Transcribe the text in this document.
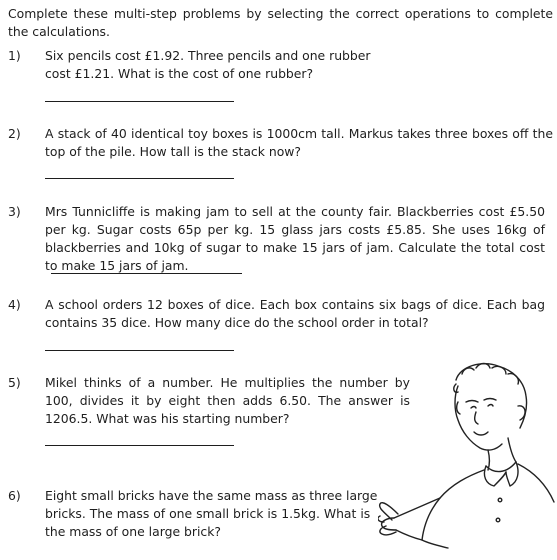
Complete these multi-step problems by selecting the correct operations to complete the calculations.
1) Six pencils cost £1.92. Three pencils and one rubber cost £1.21. What is the cost of one rubber?
2) A stack of 40 identical toy boxes is 1000cm tall. Markus takes three boxes off the top of the pile. How tall is the stack now?
3) Mrs Tunnicliffe is making jam to sell at the county fair. Blackberries cost £5.50 per kg. Sugar costs 65p per kg. 15 glass jars costs £5.85. She uses 16kg of blackberries and 10kg of sugar to make 15 jars of jam. Calculate the total cost to make 15 jars of jam.
4) A school orders 12 boxes of dice. Each box contains six bags of dice. Each bag contains 35 dice. How many dice do the school order in total?
5) Mikel thinks of a number. He multiplies the number by 100, divides it by eight then adds 6.50. The answer is 1206.5. What was his starting number?
6) Eight small bricks have the same mass as three large bricks. The mass of one small brick is 1.5kg. What is the mass of one large brick?
